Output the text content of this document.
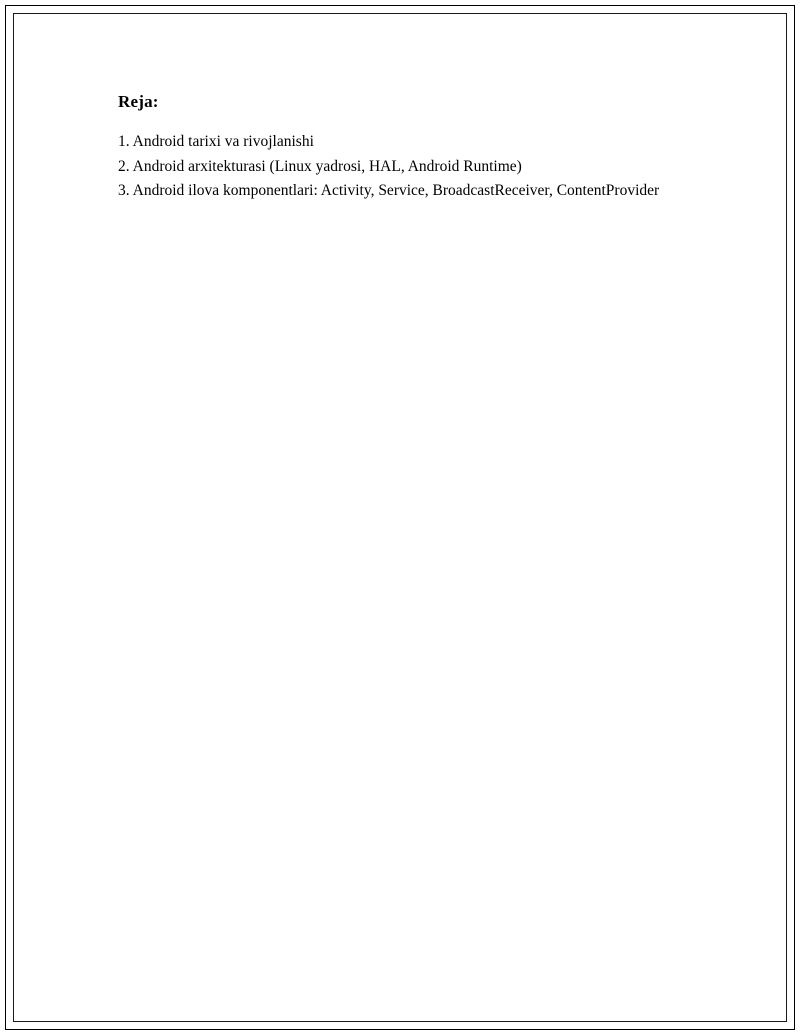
Reja:

1. Android tarixi va rivojlanishi

2. Android arxitekturasi (Linux yadrosi, HAL, Android Runtime)

3. Android ilova komponentlari: Activity, Service, BroadcastReceiver, ContentProvider
